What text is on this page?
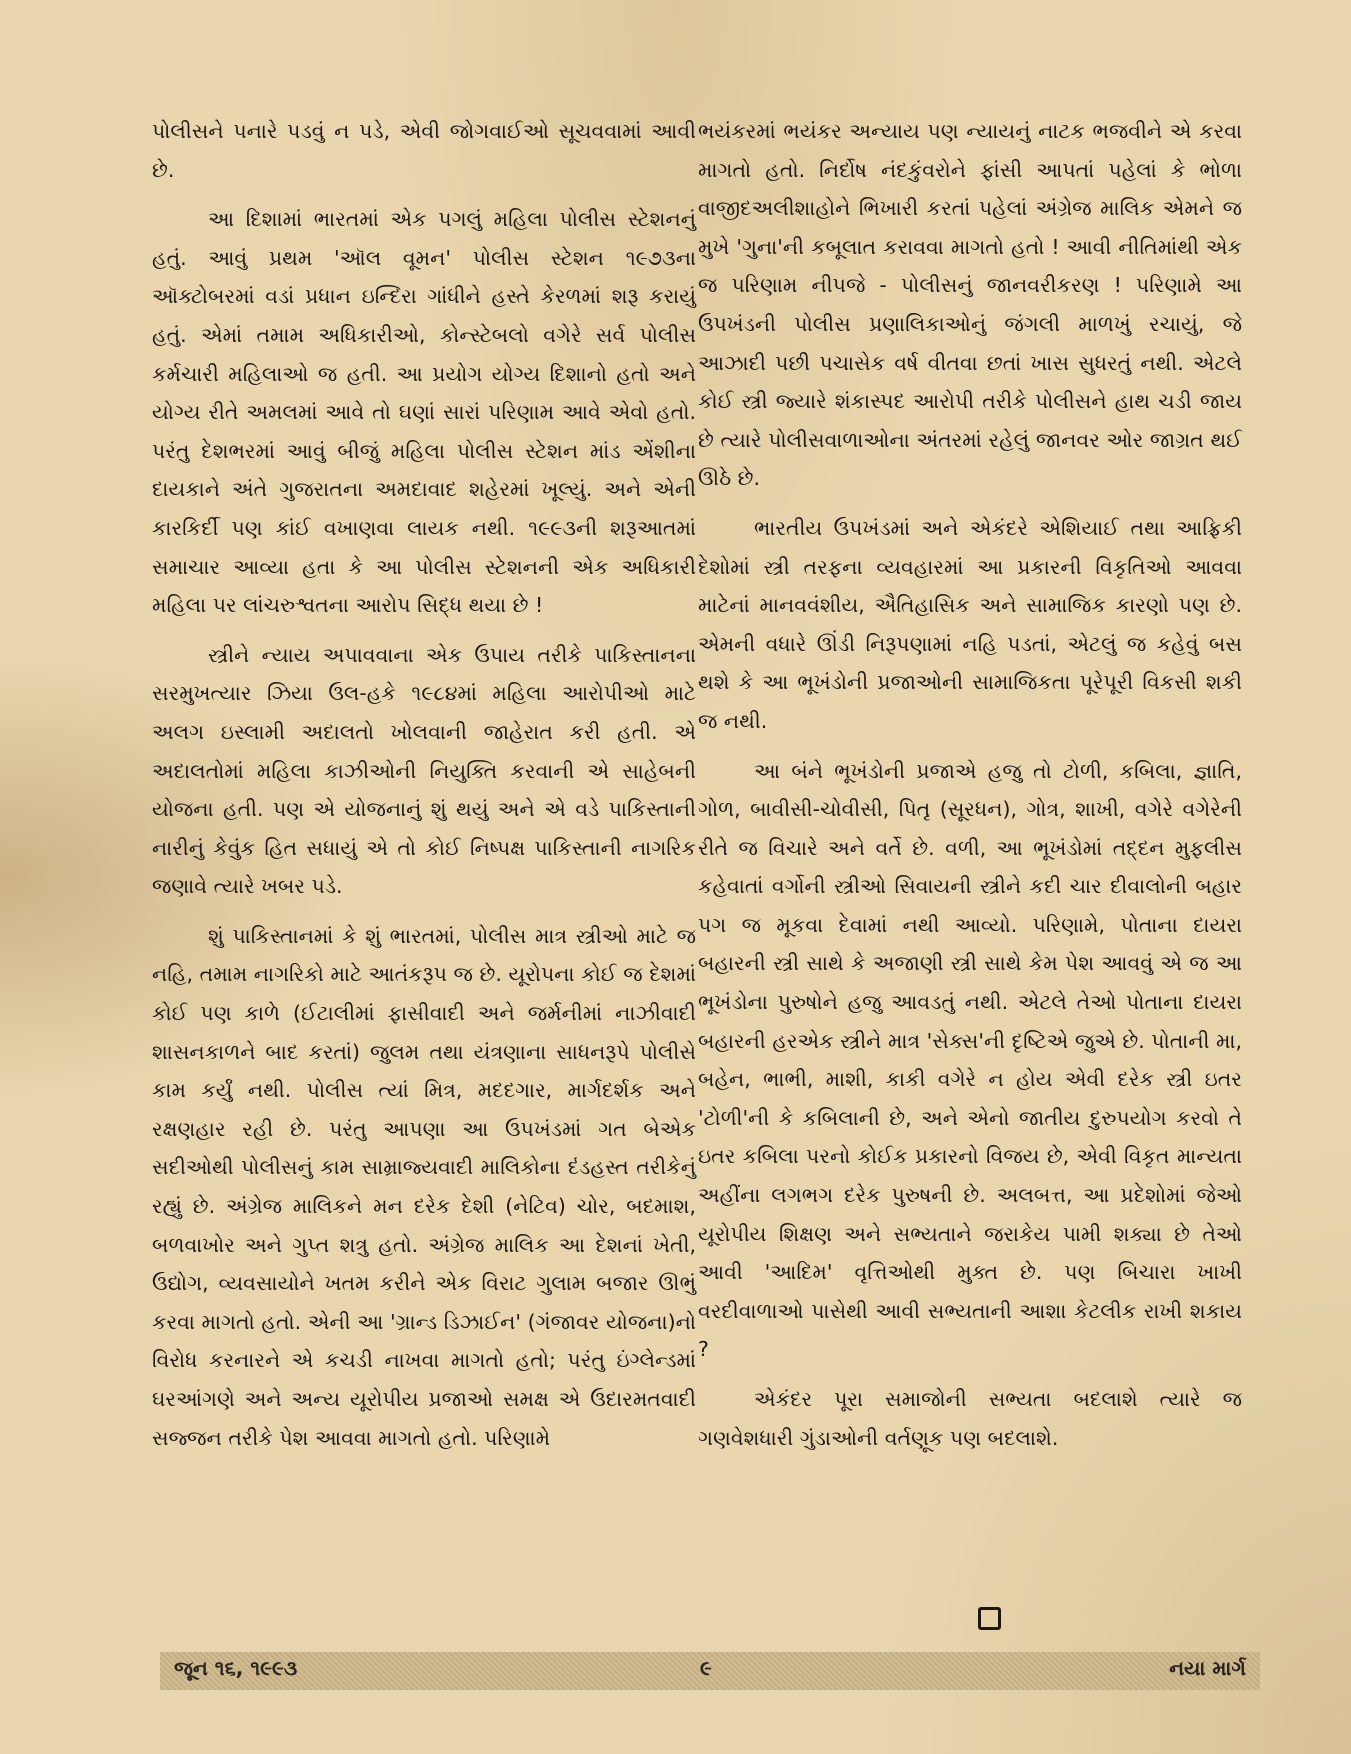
પોલીસને પનારે પડવું ન પડે, એવી જોગવાઈઓ સૂચવવામાં આવી છે.

આ દિશામાં ભારતમાં એક પગલું મહિલા પોલીસ સ્ટેશનનું હતું. આવું પ્રથમ 'ઑલ વૂમન' પોલીસ સ્ટેશન ૧૯૭૩ના ઑક્ટોબરમાં વડાં પ્રધાન ઇન્દિરા ગાંધીને હસ્તે કેરળમાં શરૂ કરાયું હતું. એમાં તમામ અધિકારીઓ, કોન્સ્ટેબલો વગેરે સર્વ પોલીસ કર્મચારી મહિલાઓ જ હતી. આ પ્રયોગ યોગ્ય દિશાનો હતો અને યોગ્ય રીતે અમલમાં આવે તો ઘણાં સારાં પરિણામ આવે એવો હતો. પરંતુ દેશભરમાં આવું બીજું મહિલા પોલીસ સ્ટેશન માંડ એંશીના દાયકાને અંતે ગુજરાતના અમદાવાદ શહેરમાં ખૂલ્યું. અને એની કારકિર્દી પણ કાંઈ વખાણવા લાયક નથી. ૧૯૯૩ની શરૂઆતમાં સમાચાર આવ્યા હતા કે આ પોલીસ સ્ટેશનની એક અધિકારી મહિલા પર લાંચરુશ્વતના આરોપ સિદ્ધ થયા છે !

સ્ત્રીને ન્યાય અપાવવાના એક ઉપાય તરીકે પાકિસ્તાનના સરમુખત્યાર ઝિયા ઉલ-હકે ૧૯૮૪માં મહિલા આરોપીઓ માટે અલગ ઇસ્લામી અદાલતો ખોલવાની જાહેરાત કરી હતી. એ અદાલતોમાં મહિલા કાઝીઓની નિયુક્તિ કરવાની એ સાહેબની યોજના હતી. પણ એ યોજનાનું શું થયું અને એ વડે પાકિસ્તાની નારીનું કેવુંક હિત સધાયું એ તો કોઈ નિષ્પક્ષ પાકિસ્તાની નાગરિક જણાવે ત્યારે ખબર પડે.

શું પાકિસ્તાનમાં કે શું ભારતમાં, પોલીસ માત્ર સ્ત્રીઓ માટે જ નહિ, તમામ નાગરિકો માટે આતંકરૂપ જ છે. યૂરોપના કોઈ જ દેશમાં કોઈ પણ કાળે (ઈટાલીમાં ફાસીવાદી અને જર્મનીમાં નાઝીવાદી શાસનકાળને બાદ કરતાં) જુલમ તથા યંત્રણાના સાધનરૂપે પોલીસે કામ કર્યું નથી. પોલીસ ત્યાં મિત્ર, મદદગાર, માર્ગદર્શક અને રક્ષણહાર રહી છે. પરંતુ આપણા આ ઉપખંડમાં ગત બેએક સદીઓથી પોલીસનું કામ સામ્રાજ્યવાદી માલિકોના દંડહસ્ત તરીકેનું રહ્યું છે. અંગ્રેજ માલિકને મન દરેક દેશી (નેટિવ) ચોર, બદમાશ, બળવાખોર અને ગુપ્ત શત્રુ હતો. અંગ્રેજ માલિક આ દેશનાં ખેતી, ઉદ્યોગ, વ્યવસાયોને ખતમ કરીને એક વિરાટ ગુલામ બજાર ઊભું કરવા માગતો હતો. એની આ 'ગ્રાન્ડ ડિઝાઈન' (ગંજાવર યોજના)નો વિરોધ કરનારને એ કચડી નાખવા માગતો હતો; પરંતુ ઇંગ્લેન્ડમાં ઘરઆંગણે અને અન્ય યૂરોપીય પ્રજાઓ સમક્ષ એ ઉદારમતવાદી સજ્જન તરીકે પેશ આવવા માગતો હતો. પરિણામે

ભયંકરમાં ભયંકર અન્યાય પણ ન્યાયનું નાટક ભજવીને એ કરવા માગતો હતો. નિર્દોષ નંદકુંવરોને ફાંસી આપતાં પહેલાં કે ભોળા વાજીદઅલીશાહોને ભિખારી કરતાં પહેલાં અંગ્રેજ માલિક એમને જ મુખે 'ગુના'ની કબૂલાત કરાવવા માગતો હતો ! આવી નીતિમાંથી એક જ પરિણામ નીપજે - પોલીસનું જાનવરીકરણ ! પરિણામે આ ઉપખંડની પોલીસ પ્રણાલિકાઓનું જંગલી માળખું રચાયું, જે આઝાદી પછી પચાસેક વર્ષ વીતવા છતાં ખાસ સુધરતું નથી. એટલે કોઈ સ્ત્રી જ્યારે શંકાસ્પદ આરોપી તરીકે પોલીસને હાથ ચડી જાય છે ત્યારે પોલીસવાળાઓના અંતરમાં રહેલું જાનવર ઓર જાગ્રત થઈ ઊઠે છે.

ભારતીય ઉપખંડમાં અને એકંદરે એશિયાઈ તથા આફ્રિકી દેશોમાં સ્ત્રી તરફના વ્યવહારમાં આ પ્રકારની વિકૃતિઓ આવવા માટેનાં માનવવંશીય, ઐતિહાસિક અને સામાજિક કારણો પણ છે. એમની વધારે ઊંડી નિરૂપણામાં નહિ પડતાં, એટલું જ કહેવું બસ થશે કે આ ભૂખંડોની પ્રજાઓની સામાજિકતા પૂરેપૂરી વિકસી શકી જ નથી.

આ બંને ભૂખંડોની પ્રજાએ હજુ તો ટોળી, કબિલા, જ્ઞાતિ, ગોળ, બાવીસી-ચોવીસી, પિતૃ (સૂરધન), ગોત્ર, શાખી, વગેરે વગેરેની રીતે જ વિચારે અને વર્તે છે. વળી, આ ભૂખંડોમાં તદ્દન મુફલીસ કહેવાતાં વર્ગોની સ્ત્રીઓ સિવાયની સ્ત્રીને કદી ચાર દીવાલોની બહાર પગ જ મૂકવા દેવામાં નથી આવ્યો. પરિણામે, પોતાના દાયરા બહારની સ્ત્રી સાથે કે અજાણી સ્ત્રી સાથે કેમ પેશ આવવું એ જ આ ભૂખંડોના પુરુષોને હજુ આવડતું નથી. એટલે તેઓ પોતાના દાયરા બહારની હરએક સ્ત્રીને માત્ર 'સેક્સ'ની દૃષ્ટિએ જુએ છે. પોતાની મા, બહેન, ભાભી, માશી, કાકી વગેરે ન હોય એવી દરેક સ્ત્રી ઇતર 'ટોળી'ની કે કબિલાની છે, અને એનો જાતીય દુરુપયોગ કરવો તે ઇતર કબિલા પરનો કોઈક પ્રકારનો વિજય છે, એવી વિકૃત માન્યતા અહીંના લગભગ દરેક પુરુષની છે. અલબત્ત, આ પ્રદેશોમાં જેઓ યૂરોપીય શિક્ષણ અને સભ્યતાને જરાકેય પામી શક્યા છે તેઓ આવી 'આદિમ' વૃત્તિઓથી મુક્ત છે. પણ બિચારા ખાખી વરદીવાળાઓ પાસેથી આવી સભ્યતાની આશા કેટલીક રાખી શકાય ?

એકંદર પૂરા સમાજોની સભ્યતા બદલાશે ત્યારે જ ગણવેશધારી ગુંડાઓની વર્તણૂક પણ બદલાશે.

જૂન ૧૬, ૧૯૯૩	૯	નયા માર્ગ
